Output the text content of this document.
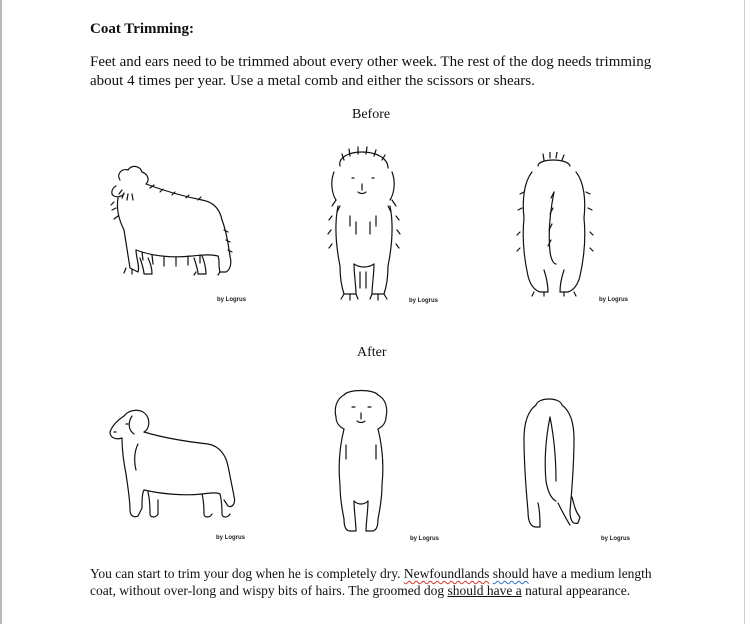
Coat Trimming:
Feet and ears need to be trimmed about every other week. The rest of the dog needs trimming about 4 times per year. Use a metal comb and either the scissors or shears.
Before
by Logrus	by Logrus	by Logrus
After
by Logrus	by Logrus	by Logrus
You can start to trim your dog when he is completely dry. Newfoundlands should have a medium length coat, without over-long and wispy bits of hairs. The groomed dog should have a natural appearance.
